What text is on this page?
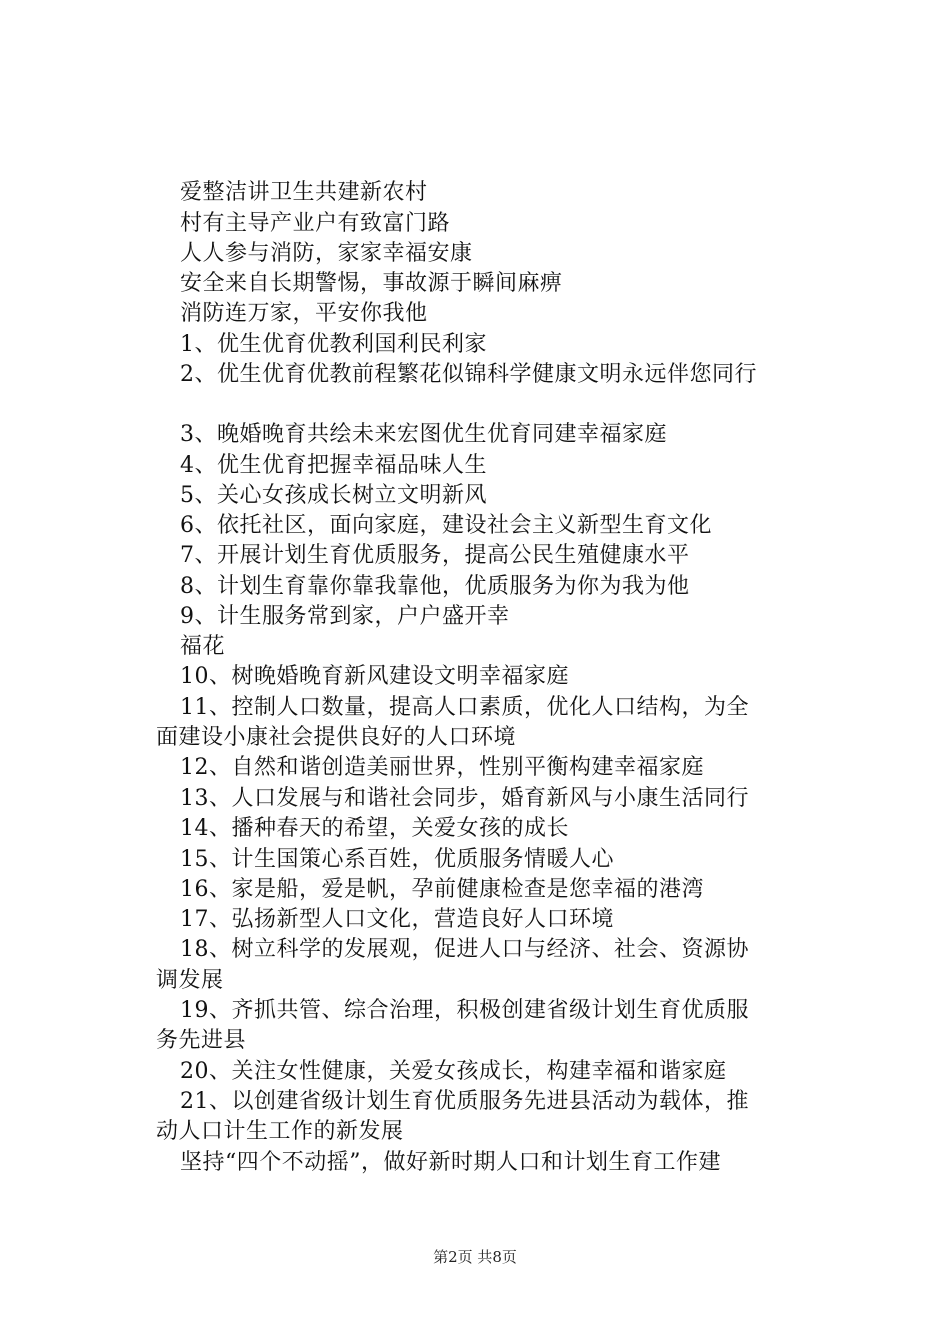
爱整洁讲卫生共建新农村
村有主导产业户有致富门路
人人参与消防，家家幸福安康
安全来自长期警惕，事故源于瞬间麻痹
消防连万家，平安你我他
1、优生优育优教利国利民利家
2、优生优育优教前程繁花似锦科学健康文明永远伴您同行
3、晚婚晚育共绘未来宏图优生优育同建幸福家庭
4、优生优育把握幸福品味人生
5、关心女孩成长树立文明新风
6、依托社区，面向家庭，建设社会主义新型生育文化
7、开展计划生育优质服务，提高公民生殖健康水平
8、计划生育靠你靠我靠他，优质服务为你为我为他
9、计生服务常到家，户户盛开幸
福花
10、树晚婚晚育新风建设文明幸福家庭
11、控制人口数量，提高人口素质，优化人口结构，为全
面建设小康社会提供良好的人口环境
12、自然和谐创造美丽世界，性别平衡构建幸福家庭
13、人口发展与和谐社会同步，婚育新风与小康生活同行
14、播种春天的希望，关爱女孩的成长
15、计生国策心系百姓，优质服务情暖人心
16、家是船，爱是帆，孕前健康检查是您幸福的港湾
17、弘扬新型人口文化，营造良好人口环境
18、树立科学的发展观，促进人口与经济、社会、资源协
调发展
19、齐抓共管、综合治理，积极创建省级计划生育优质服
务先进县
20、关注女性健康，关爱女孩成长，构建幸福和谐家庭
21、以创建省级计划生育优质服务先进县活动为载体，推
动人口计生工作的新发展
坚持“四个不动摇”，做好新时期人口和计划生育工作建
第2页 共8页
